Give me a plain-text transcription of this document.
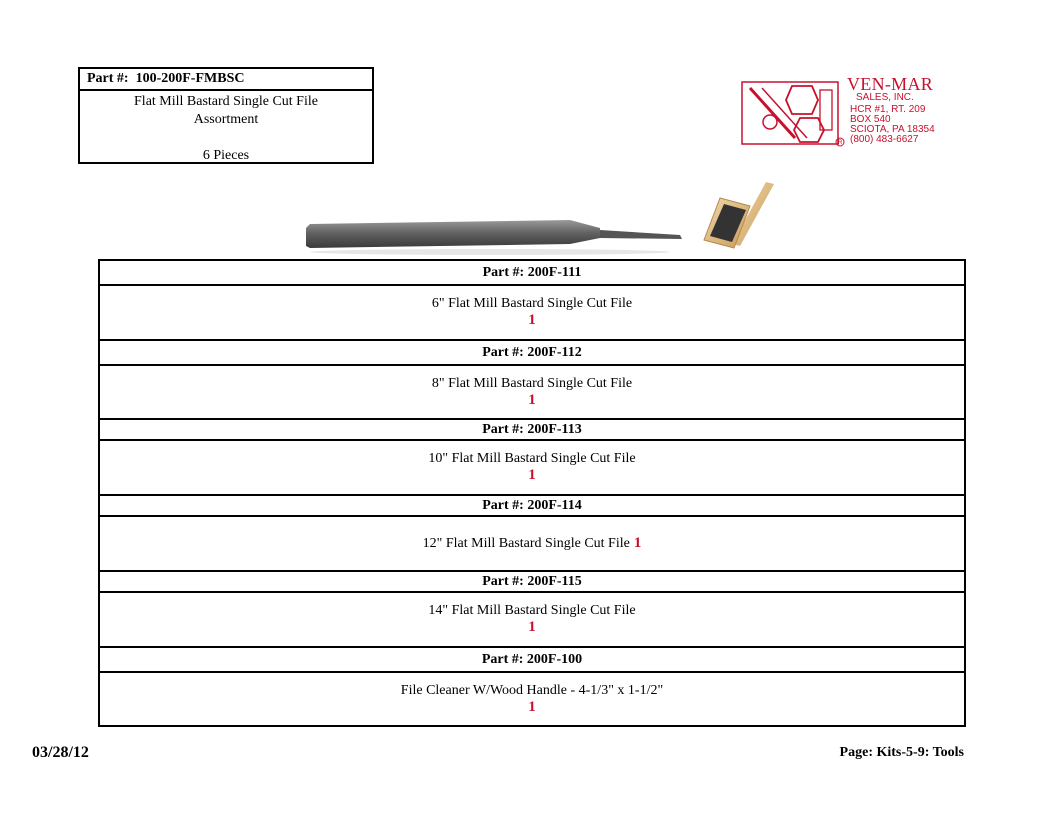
Part #: 100-200F-FMBSC
Flat Mill Bastard Single Cut File
Assortment
6 Pieces
R
VEN-MAR
SALES, INC.
HCR #1, RT. 209
BOX 540
SCIOTA, PA 18354
(800) 483-6627
Part #: 200F-111
6" Flat Mill Bastard Single Cut File
1
Part #: 200F-112
8" Flat Mill Bastard Single Cut File
1
Part #: 200F-113
10" Flat Mill Bastard Single Cut File
1
Part #: 200F-114
12" Flat Mill Bastard Single Cut File 1
Part #: 200F-115
14" Flat Mill Bastard Single Cut File
1
Part #: 200F-100
File Cleaner W/Wood Handle - 4-1/3" x 1-1/2"
1
03/28/12	Page: Kits-5-9: Tools
